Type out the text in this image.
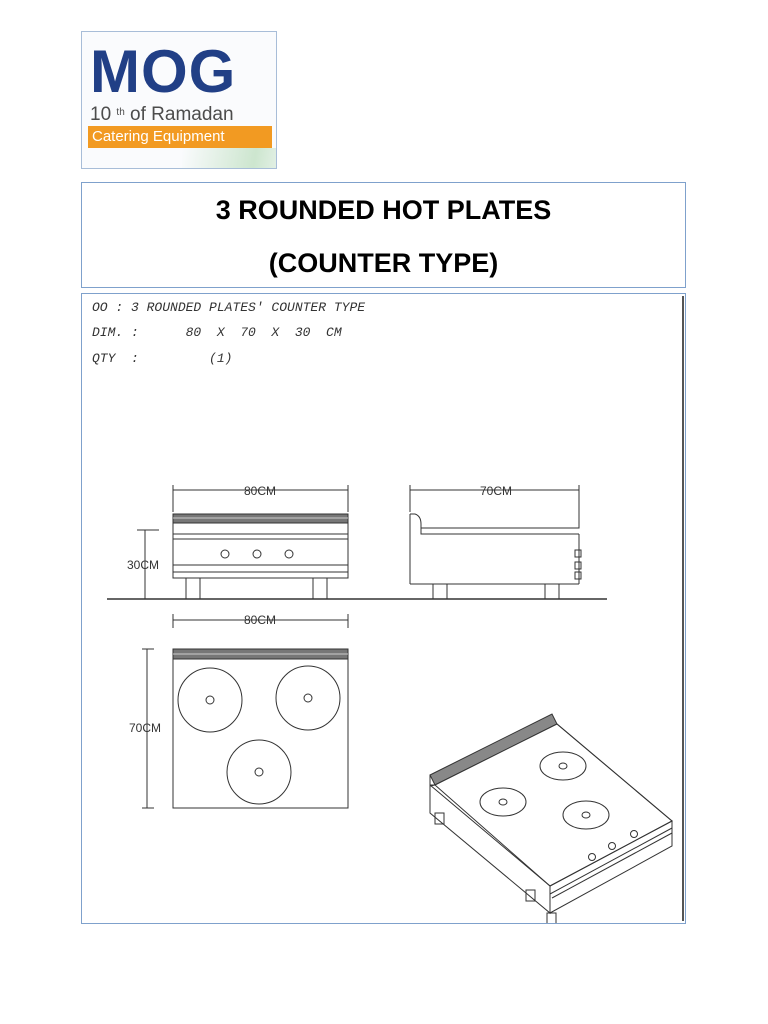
MOG
10 $^{th}$ of Ramadan
Catering Equipment
3 ROUNDED HOT PLATES
(COUNTER TYPE)
OO : 3 ROUNDED PLATES' COUNTER TYPE
DIM. :      80  X  70  X  30  CM
QTY  :         (1)
80CM	70CM
30CM
80CM
70CM
